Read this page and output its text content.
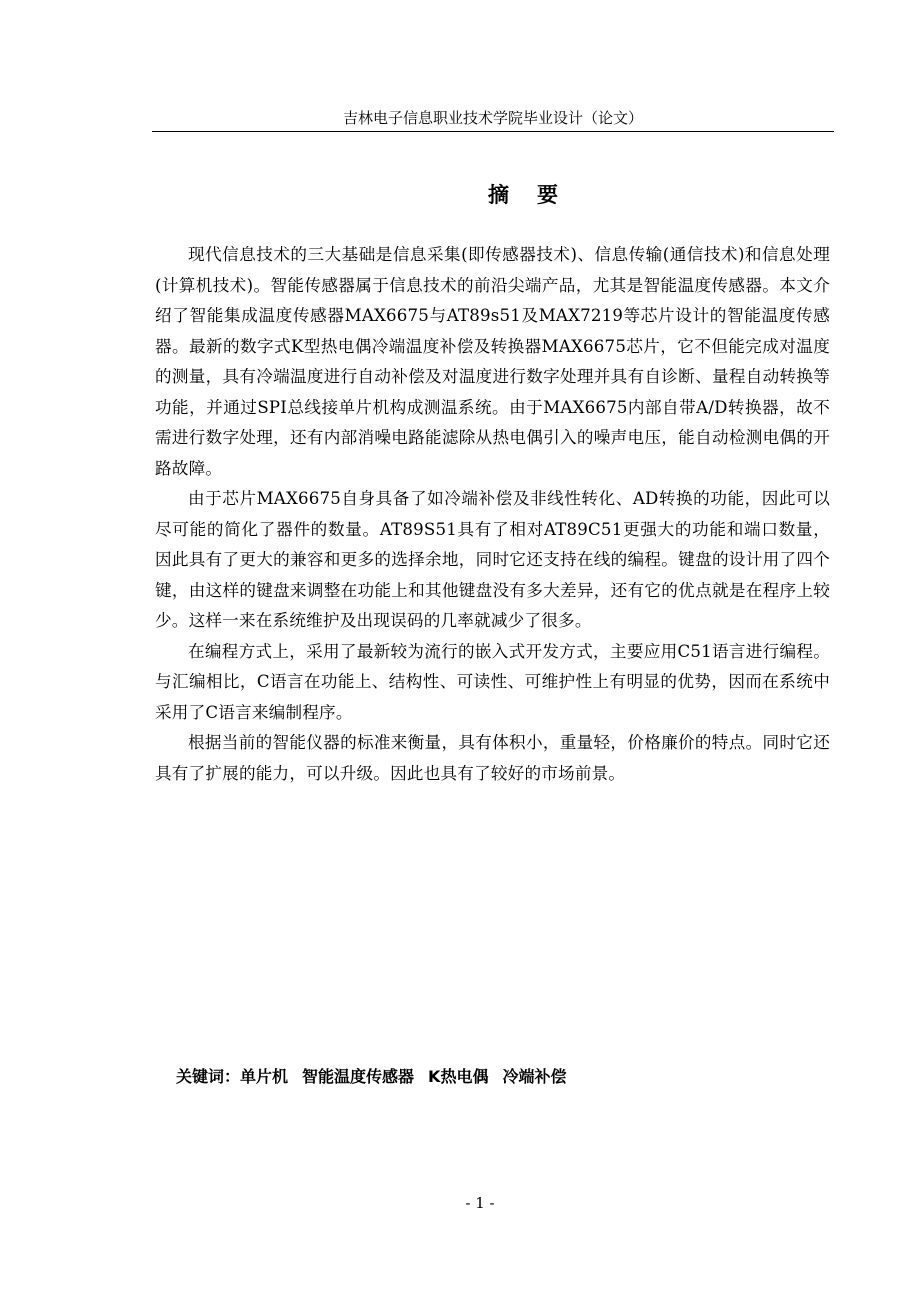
吉林电子信息职业技术学院毕业设计（论文）
摘要

现代信息技术的三大基础是信息采集(即传感器技术)、信息传输(通信技术)和信息处理(计算机技术)。智能传感器属于信息技术的前沿尖端产品，尤其是智能温度传感器。本文介绍了智能集成温度传感器MAX6675与AT89s51及MAX7219等芯片设计的智能温度传感器。最新的数字式K型热电偶冷端温度补偿及转换器MAX6675芯片，它不但能完成对温度的测量，具有冷端温度进行自动补偿及对温度进行数字处理并具有自诊断、量程自动转换等功能，并通过SPI总线接单片机构成测温系统。由于MAX6675内部自带A/D转换器，故不需进行数字处理，还有内部消噪电路能滤除从热电偶引入的噪声电压，能自动检测电偶的开路故障。

由于芯片MAX6675自身具备了如冷端补偿及非线性转化、AD转换的功能，因此可以尽可能的简化了器件的数量。AT89S51具有了相对AT89C51更强大的功能和端口数量，因此具有了更大的兼容和更多的选择余地，同时它还支持在线的编程。键盘的设计用了四个键，由这样的键盘来调整在功能上和其他键盘没有多大差异，还有它的优点就是在程序上较少。这样一来在系统维护及出现误码的几率就减少了很多。

在编程方式上，采用了最新较为流行的嵌入式开发方式，主要应用C51语言进行编程。与汇编相比，C语言在功能上、结构性、可读性、可维护性上有明显的优势，因而在系统中采用了C语言来编制程序。

根据当前的智能仪器的标准来衡量，具有体积小，重量轻，价格廉价的特点。同时它还具有了扩展的能力，可以升级。因此也具有了较好的市场前景。

关键词：单片机 智能温度传感器 K热电偶 冷端补偿
- 1 -
